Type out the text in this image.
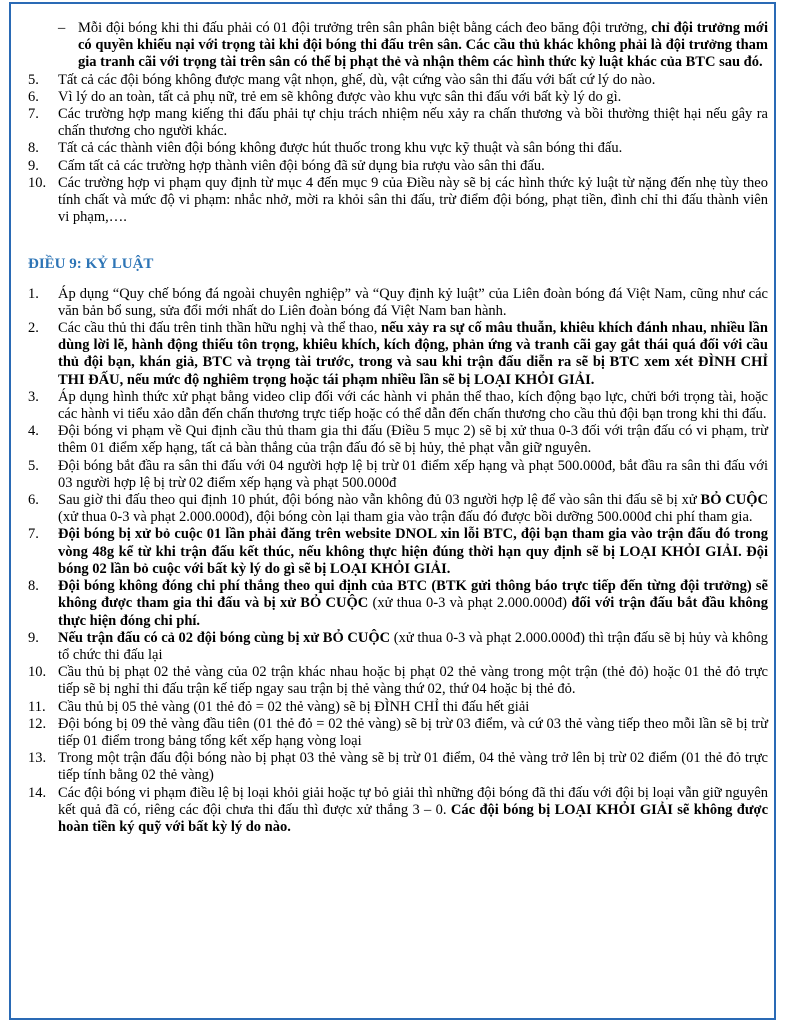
– Mỗi đội bóng khi thi đấu phải có 01 đội trưởng trên sân phân biệt bằng cách đeo băng đội trưởng, chỉ đội trưởng mới có quyền khiếu nại với trọng tài khi đội bóng thi đấu trên sân. Các cầu thủ khác không phải là đội trưởng tham gia tranh cãi với trọng tài trên sân có thể bị phạt thẻ và nhận thêm các hình thức kỷ luật khác của BTC sau đó.

5.	Tất cả các đội bóng không được mang vật nhọn, ghế, dù, vật cứng vào sân thi đấu với bất cứ lý do nào.

6.	Vì lý do an toàn, tất cả phụ nữ, trẻ em sẽ không được vào khu vực sân thi đấu với bất kỳ lý do gì.

7.	Các trường hợp mang kiếng thi đấu phải tự chịu trách nhiệm nếu xảy ra chấn thương và bồi thường thiệt hại nếu gây ra chấn thương cho người khác.

8.	Tất cả các thành viên đội bóng không được hút thuốc trong khu vực kỹ thuật và sân bóng thi đấu.

9.	Cấm tất cả các trường hợp thành viên đội bóng đã sử dụng bia rượu vào sân thi đấu.

10. Các trường hợp vi phạm quy định từ mục 4 đến mục 9 của Điều này sẽ bị các hình thức kỷ luật từ nặng đến nhẹ tùy theo tính chất và mức độ vi phạm: nhắc nhở, mời ra khỏi sân thi đấu, trừ điểm đội bóng, phạt tiền, đình chỉ thi đấu thành viên vi phạm,….

ĐIỀU 9: KỶ LUẬT

1.	Áp dụng “Quy chế bóng đá ngoài chuyên nghiệp” và “Quy định kỷ luật” của Liên đoàn bóng đá Việt Nam, cũng như các văn bản bổ sung, sửa đổi mới nhất do Liên đoàn bóng đá Việt Nam ban hành.

2.	Các cầu thủ thi đấu trên tinh thần hữu nghị và thể thao, nếu xảy ra sự cố mâu thuẫn, khiêu khích đánh nhau, nhiều lần dùng lời lẽ, hành động thiếu tôn trọng, khiêu khích, kích động, phản ứng và tranh cãi gay gắt thái quá đối với cầu thủ đội bạn, khán giả, BTC và trọng tài trước, trong và sau khi trận đấu diễn ra sẽ bị BTC xem xét ĐÌNH CHỈ THI ĐẤU, nếu mức độ nghiêm trọng hoặc tái phạm nhiều lần sẽ bị LOẠI KHỎI GIẢI.

3.	Áp dụng hình thức xử phạt bằng video clip đối với các hành vi phản thể thao, kích động bạo lực, chửi bới trọng tài, hoặc các hành vi tiểu xảo dẫn đến chấn thương trực tiếp hoặc có thể dẫn đến chấn thương cho cầu thủ đội bạn trong khi thi đấu.

4.	Đội bóng vi phạm về Qui định cầu thủ tham gia thi đấu (Điều 5 mục 2) sẽ bị xử thua 0-3 đối với trận đấu có vi phạm, trừ thêm 01 điểm xếp hạng, tất cả bàn thắng của trận đấu đó sẽ bị hủy, thẻ phạt vẫn giữ nguyên.

5.	Đội bóng bắt đầu ra sân thi đấu với 04 người hợp lệ bị trừ 01 điểm xếp hạng và phạt 500.000đ, bắt đầu ra sân thi đấu với 03 người hợp lệ bị trừ 02 điểm xếp hạng và phạt 500.000đ

6.	Sau giờ thi đấu theo qui định 10 phút, đội bóng nào vẫn không đủ 03 người hợp lệ để vào sân thi đấu sẽ bị xử BỎ CUỘC (xử thua 0-3 và phạt 2.000.000đ), đội bóng còn lại tham gia vào trận đấu đó được bồi dưỡng 500.000đ chi phí tham gia.

7.	Đội bóng bị xử bỏ cuộc 01 lần phải đăng trên website DNOL xin lỗi BTC, đội bạn tham gia vào trận đấu đó trong vòng 48g kể từ khi trận đấu kết thúc, nếu không thực hiện đúng thời hạn quy định sẽ bị LOẠI KHỎI GIẢI. Đội bóng 02 lần bỏ cuộc với bất kỳ lý do gì sẽ bị LOẠI KHỎI GIẢI.

8.	Đội bóng không đóng chi phí thắng theo qui định của BTC (BTK gửi thông báo trực tiếp đến từng đội trưởng) sẽ không được tham gia thi đấu và bị xử BỎ CUỘC (xử thua 0-3 và phạt 2.000.000đ) đối với trận đấu bắt đầu không thực hiện đóng chi phí.

9.	Nếu trận đấu có cả 02 đội bóng cùng bị xử BỎ CUỘC (xử thua 0-3 và phạt 2.000.000đ) thì trận đấu sẽ bị hủy và không tổ chức thi đấu lại

10. Cầu thủ bị phạt 02 thẻ vàng của 02 trận khác nhau hoặc bị phạt 02 thẻ vàng trong một trận (thẻ đỏ) hoặc 01 thẻ đỏ trực tiếp sẽ bị nghỉ thi đấu trận kế tiếp ngay sau trận bị thẻ vàng thứ 02, thứ 04 hoặc bị thẻ đỏ.

11. Cầu thủ bị 05 thẻ vàng (01 thẻ đỏ = 02 thẻ vàng) sẽ bị ĐÌNH CHỈ thi đấu hết giải

12. Đội bóng bị 09 thẻ vàng đầu tiên (01 thẻ đỏ = 02 thẻ vàng) sẽ bị trừ 03 điểm, và cứ 03 thẻ vàng tiếp theo mỗi lần sẽ bị trừ tiếp 01 điểm trong bảng tổng kết xếp hạng vòng loại

13. Trong một trận đấu đội bóng nào bị phạt 03 thẻ vàng sẽ bị trừ 01 điểm, 04 thẻ vàng trở lên bị trừ 02 điểm (01 thẻ đỏ trực tiếp tính bằng 02 thẻ vàng)

14. Các đội bóng vi phạm điều lệ bị loại khỏi giải hoặc tự bỏ giải thì những đội bóng đã thi đấu với đội bị loại vẫn giữ nguyên kết quả đã có, riêng các đội chưa thi đấu thì được xử thắng 3 – 0. Các đội bóng bị LOẠI KHỎI GIẢI sẽ không được hoàn tiền ký quỹ với bất kỳ lý do nào.
